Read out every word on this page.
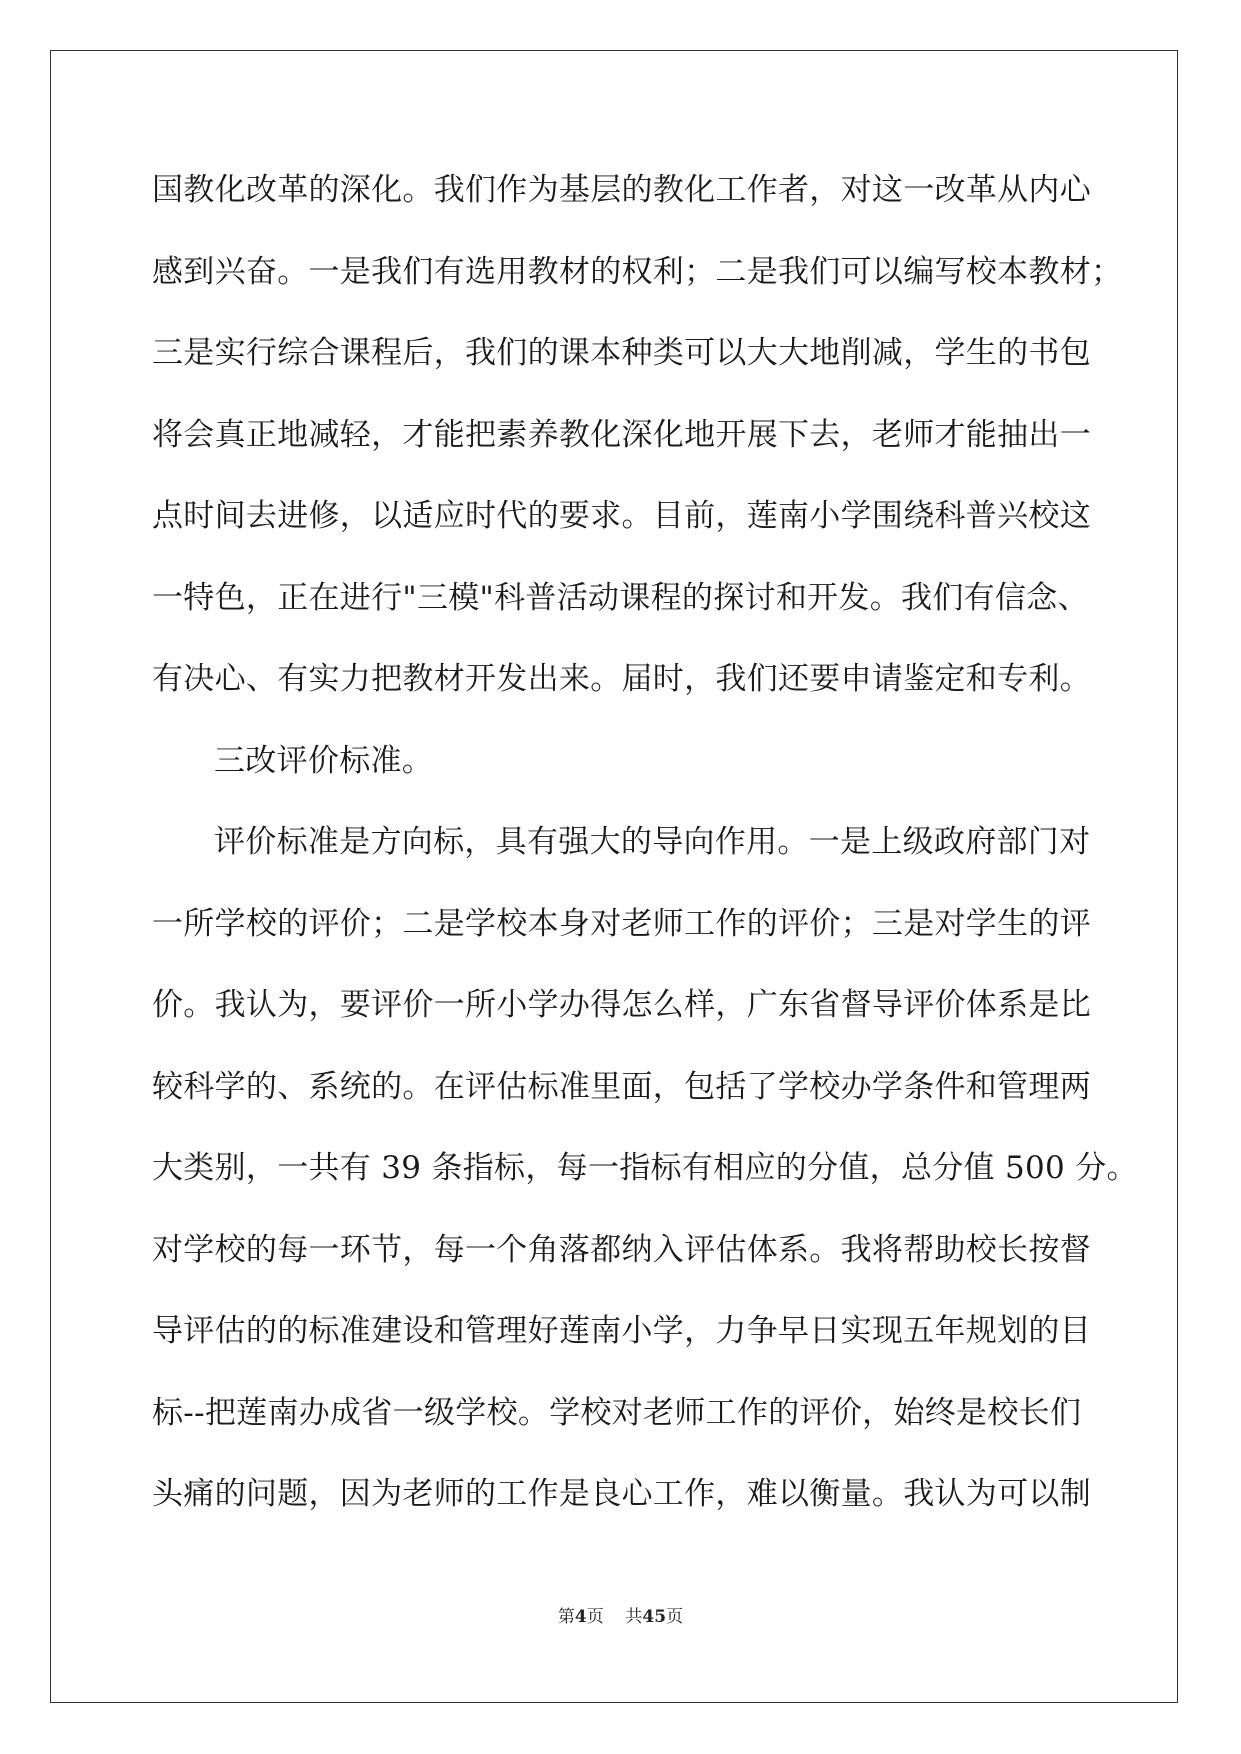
国教化改革的深化。我们作为基层的教化工作者，对这一改革从内心
感到兴奋。一是我们有选用教材的权利；二是我们可以编写校本教材；
三是实行综合课程后，我们的课本种类可以大大地削减，学生的书包
将会真正地减轻，才能把素养教化深化地开展下去，老师才能抽出一
点时间去进修，以适应时代的要求。目前，莲南小学围绕科普兴校这
一特色，正在进行"三模"科普活动课程的探讨和开发。我们有信念、
有决心、有实力把教材开发出来。届时，我们还要申请鉴定和专利。
三改评价标准。
评价标准是方向标，具有强大的导向作用。一是上级政府部门对
一所学校的评价；二是学校本身对老师工作的评价；三是对学生的评
价。我认为，要评价一所小学办得怎么样，广东省督导评价体系是比
较科学的、系统的。在评估标准里面，包括了学校办学条件和管理两
大类别，一共有 39 条指标，每一指标有相应的分值，总分值 500 分。
对学校的每一环节，每一个角落都纳入评估体系。我将帮助校长按督
导评估的的标准建设和管理好莲南小学，力争早日实现五年规划的目
标--把莲南办成省一级学校。学校对老师工作的评价，始终是校长们
头痛的问题，因为老师的工作是良心工作，难以衡量。我认为可以制
第4页 共45页
